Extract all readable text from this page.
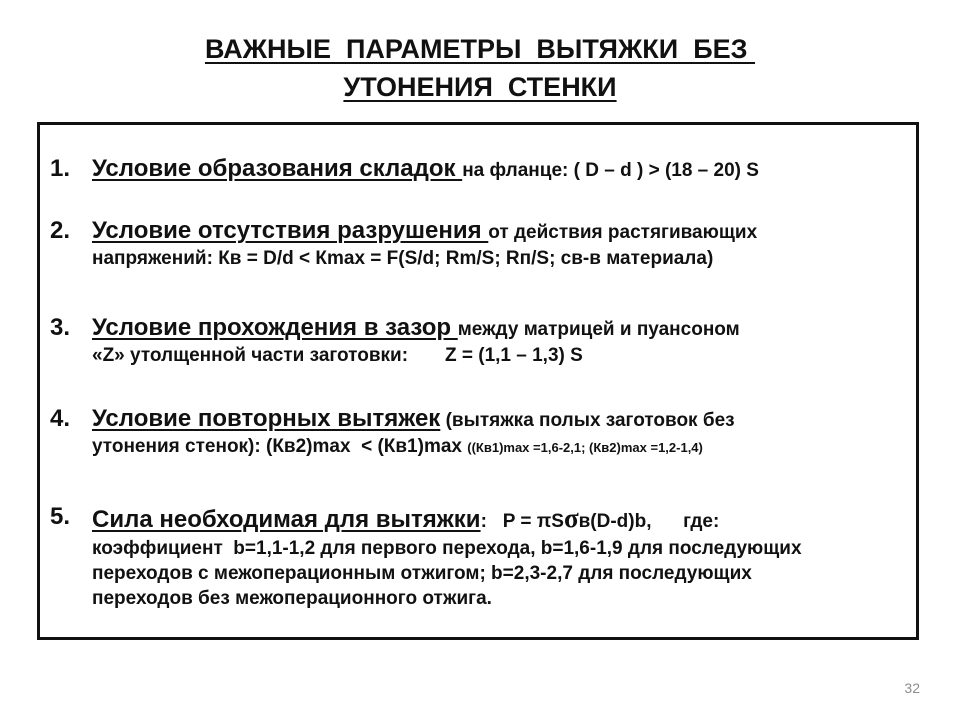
ВАЖНЫЕ  ПАРАМЕТРЫ  ВЫТЯЖКИ  БЕЗ
УТОНЕНИЯ  СТЕНКИ
1. Условие образования складок на фланце: ( D – d ) > (18 – 20) S
2. Условие отсутствия разрушения от действия растягивающих
напряжений: Кв = D/d < Кmax = F(S/d; Rm/S; Rп/S; св-в материала)
3. Условие прохождения в зазор между матрицей и пуансоном
«Z» утолщенной части заготовки:       Z = (1,1 – 1,3) S
4. Условие повторных вытяжек (вытяжка полых заготовок без
утонения стенок): (Кв2)max  < (Кв1)max ((Кв1)max =1,6-2,1; (Кв2)max =1,2-1,4)
5. Сила необходимая для вытяжки:   P = πSσв(D-d)b,      где:
коэффициент  b=1,1-1,2 для первого перехода, b=1,6-1,9 для последующих
переходов с межоперационным отжигом; b=2,3-2,7 для последующих
переходов без межоперационного отжига.
32
